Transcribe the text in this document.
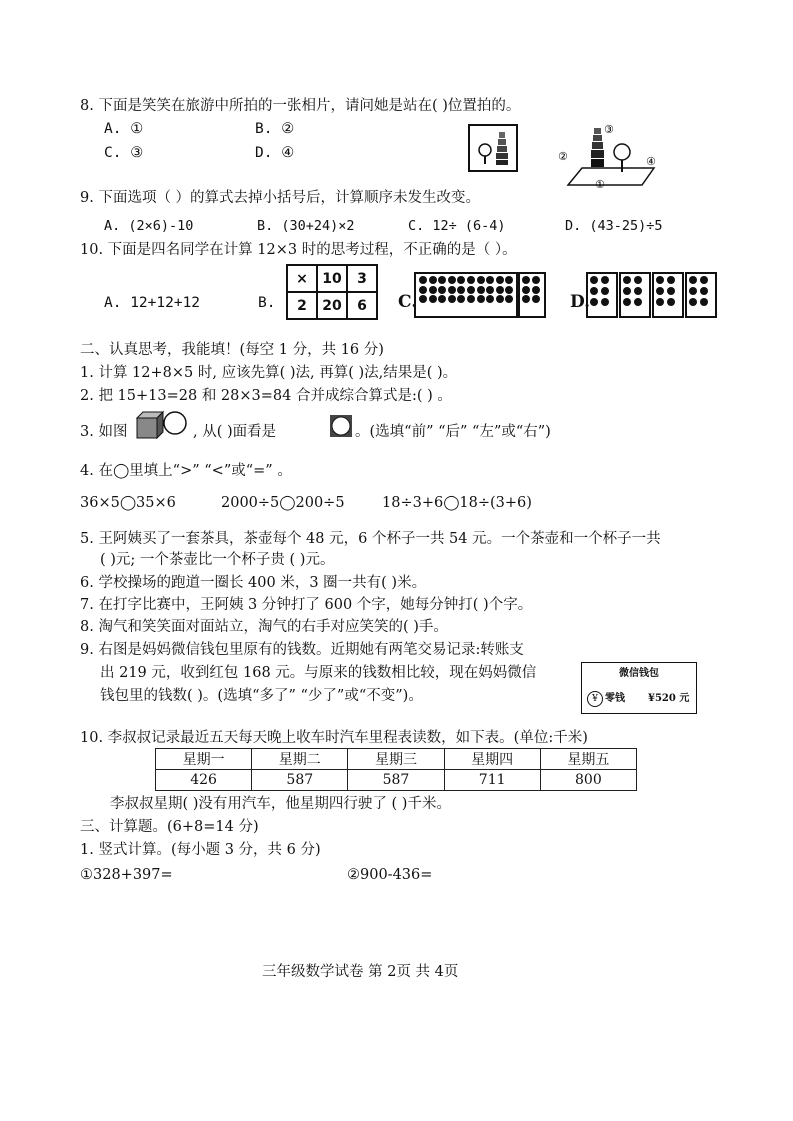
8. 下面是笑笑在旅游中所拍的一张相片，请问她是站在( )位置拍的。
A. ①	B. ②
C. ③	D. ④
③
②	④
①
9. 下面选项（ ）的算式去掉小括号后，计算顺序未发生改变。
A. (2×6)-10	B. (30+24)×2	C. 12÷ (6-4)	D. (43-25)÷5
10. 下面是四名同学在计算 12×3 时的思考过程，不正确的是（ ）。
A. 12+12+12	B.
×	10	3
2	20	6 C.	D.
二、认真思考，我能填！(每空 1 分，共 16 分)
1. 计算 12+8×5 时, 应该先算( )法, 再算( )法,结果是( )。
2. 把 15+13=28 和 28×3=84 合并成综合算式是:( ) 。
3. 如图	, 从( )面看是	。(选填“前” “后” “左”或“右”)
4. 在◯里填上“>” “<”或“=” 。
36×5◯35×6	2000÷5◯200÷5	18÷3+6◯18÷(3+6)
5. 王阿姨买了一套茶具，茶壶每个 48 元，6 个杯子一共 54 元。一个茶壶和一个杯子一共
( )元; 一个茶壶比一个杯子贵 ( )元。
6. 学校操场的跑道一圈长 400 米，3 圈一共有( )米。
7. 在打字比赛中，王阿姨 3 分钟打了 600 个字，她每分钟打( )个字。
8. 淘气和笑笑面对面站立，淘气的右手对应笑笑的( )手。
9. 右图是妈妈微信钱包里原有的钱数。近期她有两笔交易记录:转账支
出 219 元，收到红包 168 元。与原来的钱数相比较，现在妈妈微信
钱包里的钱数( )。(选填“多了” “少了”或“不变”)。
微信钱包
¥ 零钱 ¥520 元
10. 李叔叔记录最近五天每天晚上收车时汽车里程表读数，如下表。(单位:千米)
星期一	星期二	星期三	星期四	星期五
426	587	587	711	800
李叔叔星期( )没有用汽车，他星期四行驶了 ( )千米。
三、计算题。(6+8=14 分)
1. 竖式计算。(每小题 3 分，共 6 分)
①328+397=	②900-436=
三年级数学试卷 第 2页 共 4页
